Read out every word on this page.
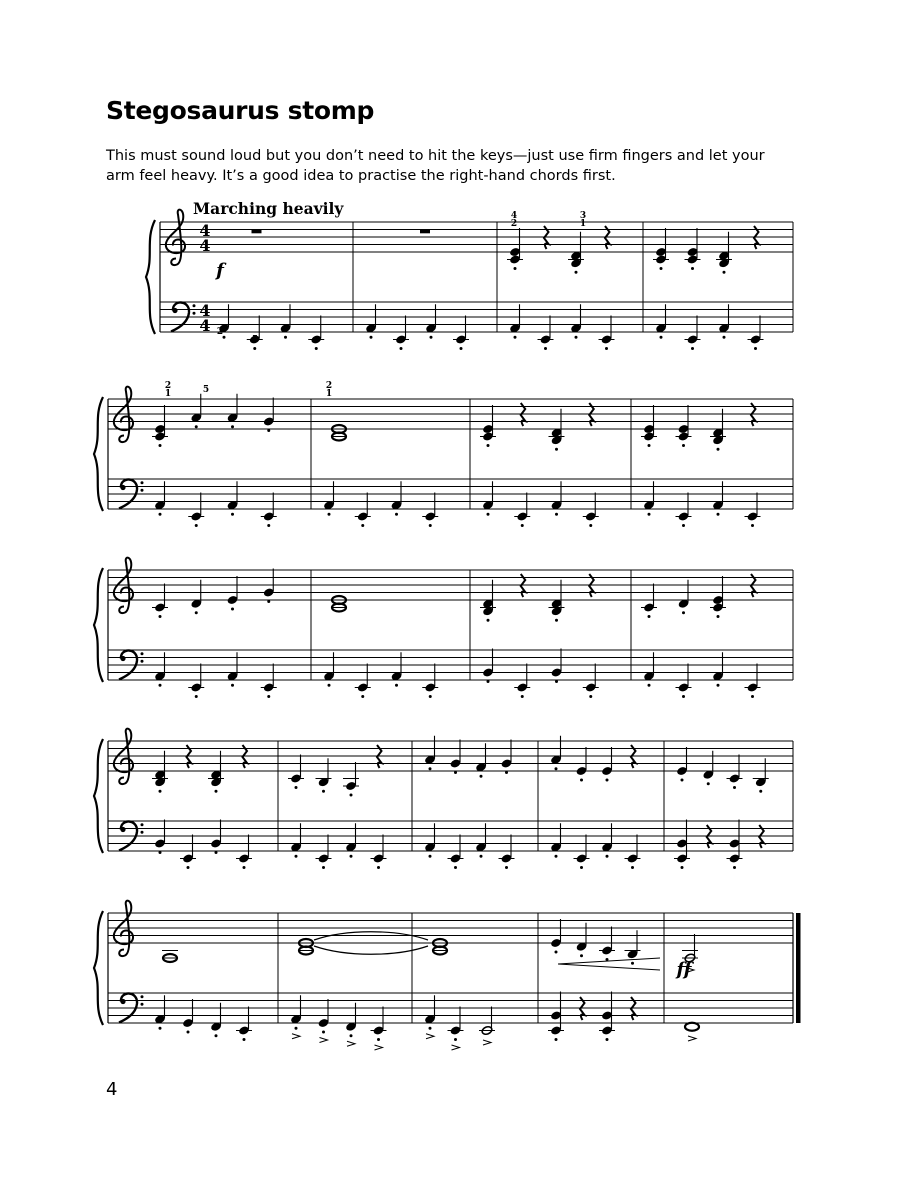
Stegosaurus stomp

This must sound loud but you don’t need to hit the keys—just use firm fingers and let your arm feel heavy. It’s a good idea to practise the right-hand chords first.

Marching heavily
4
4
4
4
4
2
3
1
2
5
2
1	5	2
1
f
ff
4
